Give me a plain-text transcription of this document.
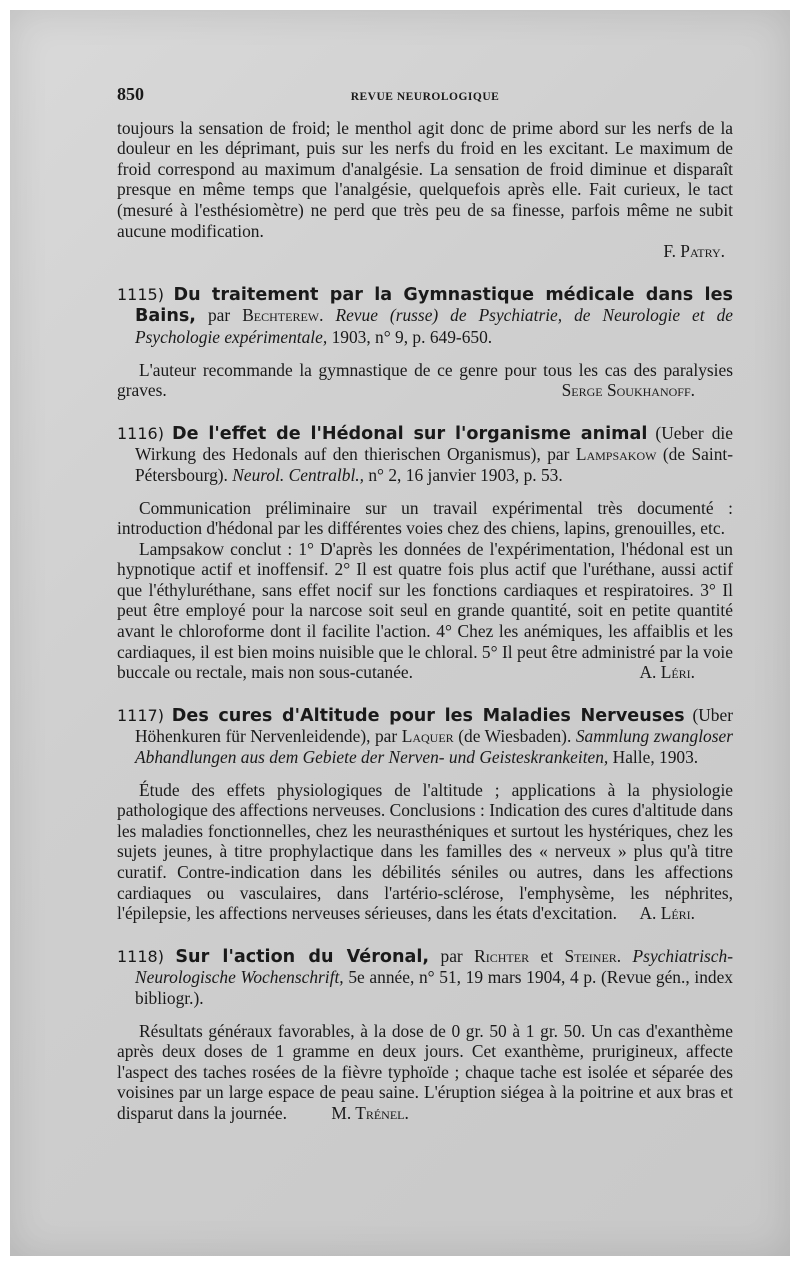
850	REVUE NEUROLOGIQUE

toujours la sensation de froid; le menthol agit donc de prime abord sur les nerfs de la douleur en les déprimant, puis sur les nerfs du froid en les excitant. Le maximum de froid correspond au maximum d'analgésie. La sensation de froid diminue et disparaît presque en même temps que l'analgésie, quelquefois après elle. Fait curieux, le tact (mesuré à l'esthésiomètre) ne perd que très peu de sa finesse, parfois même ne subit aucune modification.

F. Patry.

1115) Du traitement par la Gymnastique médicale dans les Bains, par Bechterew. Revue (russe) de Psychiatrie, de Neurologie et de Psychologie expérimentale, 1903, n° 9, p. 649-650.

L'auteur recommande la gymnastique de ce genre pour tous les cas des paralysies graves.	Serge Soukhanoff.

1116) De l'effet de l'Hédonal sur l'organisme animal (Ueber die Wirkung des Hedonals auf den thierischen Organismus), par Lampsakow (de Saint-Pétersbourg). Neurol. Centralbl., n° 2, 16 janvier 1903, p. 53.

Communication préliminaire sur un travail expérimental très documenté : introduction d'hédonal par les différentes voies chez des chiens, lapins, grenouilles, etc.

Lampsakow conclut : 1° D'après les données de l'expérimentation, l'hédonal est un hypnotique actif et inoffensif. 2° Il est quatre fois plus actif que l'uréthane, aussi actif que l'éthyluréthane, sans effet nocif sur les fonctions cardiaques et respiratoires. 3° Il peut être employé pour la narcose soit seul en grande quantité, soit en petite quantité avant le chloroforme dont il facilite l'action. 4° Chez les anémiques, les affaiblis et les cardiaques, il est bien moins nuisible que le chloral. 5° Il peut être administré par la voie buccale ou rectale, mais non sous-cutanée.	A. Léri.

1117) Des cures d'Altitude pour les Maladies Nerveuses (Uber Höhenkuren für Nervenleidende), par Laquer (de Wiesbaden). Sammlung zwangloser Abhandlungen aus dem Gebiete der Nerven- und Geisteskrankeiten, Halle, 1903.

Étude des effets physiologiques de l'altitude ; applications à la physiologie pathologique des affections nerveuses. Conclusions : Indication des cures d'altitude dans les maladies fonctionnelles, chez les neurasthéniques et surtout les hystériques, chez les sujets jeunes, à titre prophylactique dans les familles des « nerveux » plus qu'à titre curatif. Contre-indication dans les débilités séniles ou autres, dans les affections cardiaques ou vasculaires, dans l'artério-sclérose, l'emphysème, les néphrites, l'épilepsie, les affections nerveuses sérieuses, dans les états d'excitation.	A. Léri.

1118) Sur l'action du Véronal, par Richter et Steiner. Psychiatrisch-Neurologische Wochenschrift, 5e année, n° 51, 19 mars 1904, 4 p. (Revue gén., index bibliogr.).

Résultats généraux favorables, à la dose de 0 gr. 50 à 1 gr. 50. Un cas d'exanthème après deux doses de 1 gramme en deux jours. Cet exanthème, prurigineux, affecte l'aspect des taches rosées de la fièvre typhoïde ; chaque tache est isolée et séparée des voisines par un large espace de peau saine. L'éruption siégea à la poitrine et aux bras et disparut dans la journée.	M. Trénel.
